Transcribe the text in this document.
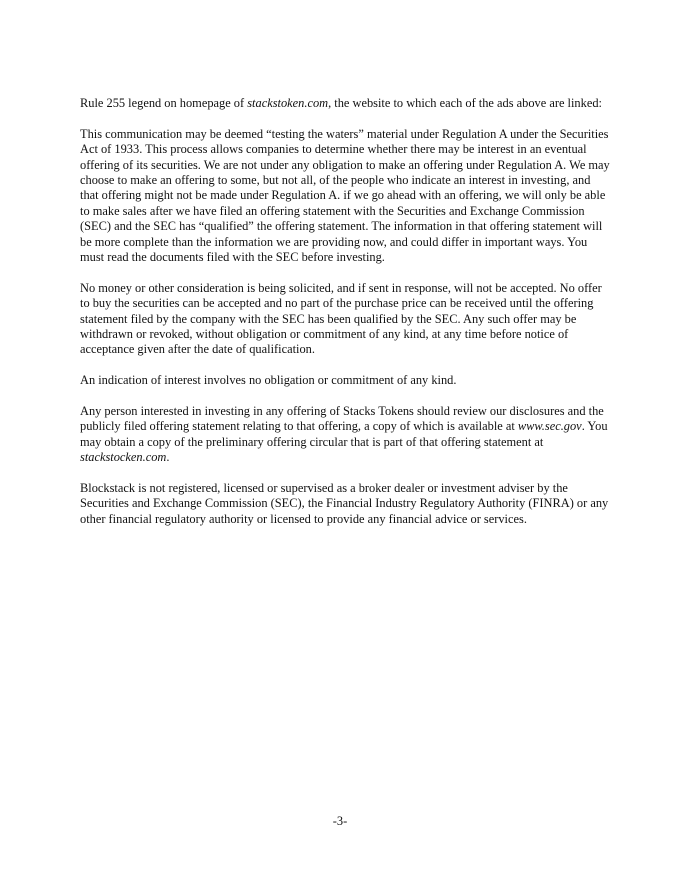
Rule 255 legend on homepage of stackstoken.com, the website to which each of the ads above are linked:

This communication may be deemed “testing the waters” material under Regulation A under the Securities Act of 1933. This process allows companies to determine whether there may be interest in an eventual offering of its securities. We are not under any obligation to make an offering under Regulation A. We may choose to make an offering to some, but not all, of the people who indicate an interest in investing, and that offering might not be made under Regulation A. if we go ahead with an offering, we will only be able to make sales after we have filed an offering statement with the Securities and Exchange Commission (SEC) and the SEC has “qualified” the offering statement. The information in that offering statement will be more complete than the information we are providing now, and could differ in important ways. You must read the documents filed with the SEC before investing.

No money or other consideration is being solicited, and if sent in response, will not be accepted. No offer to buy the securities can be accepted and no part of the purchase price can be received until the offering statement filed by the company with the SEC has been qualified by the SEC. Any such offer may be withdrawn or revoked, without obligation or commitment of any kind, at any time before notice of acceptance given after the date of qualification.

An indication of interest involves no obligation or commitment of any kind.

Any person interested in investing in any offering of Stacks Tokens should review our disclosures and the publicly filed offering statement relating to that offering, a copy of which is available at www.sec.gov. You may obtain a copy of the preliminary offering circular that is part of that offering statement at stackstocken.com.

Blockstack is not registered, licensed or supervised as a broker dealer or investment adviser by the Securities and Exchange Commission (SEC), the Financial Industry Regulatory Authority (FINRA) or any other financial regulatory authority or licensed to provide any financial advice or services.

-3-
